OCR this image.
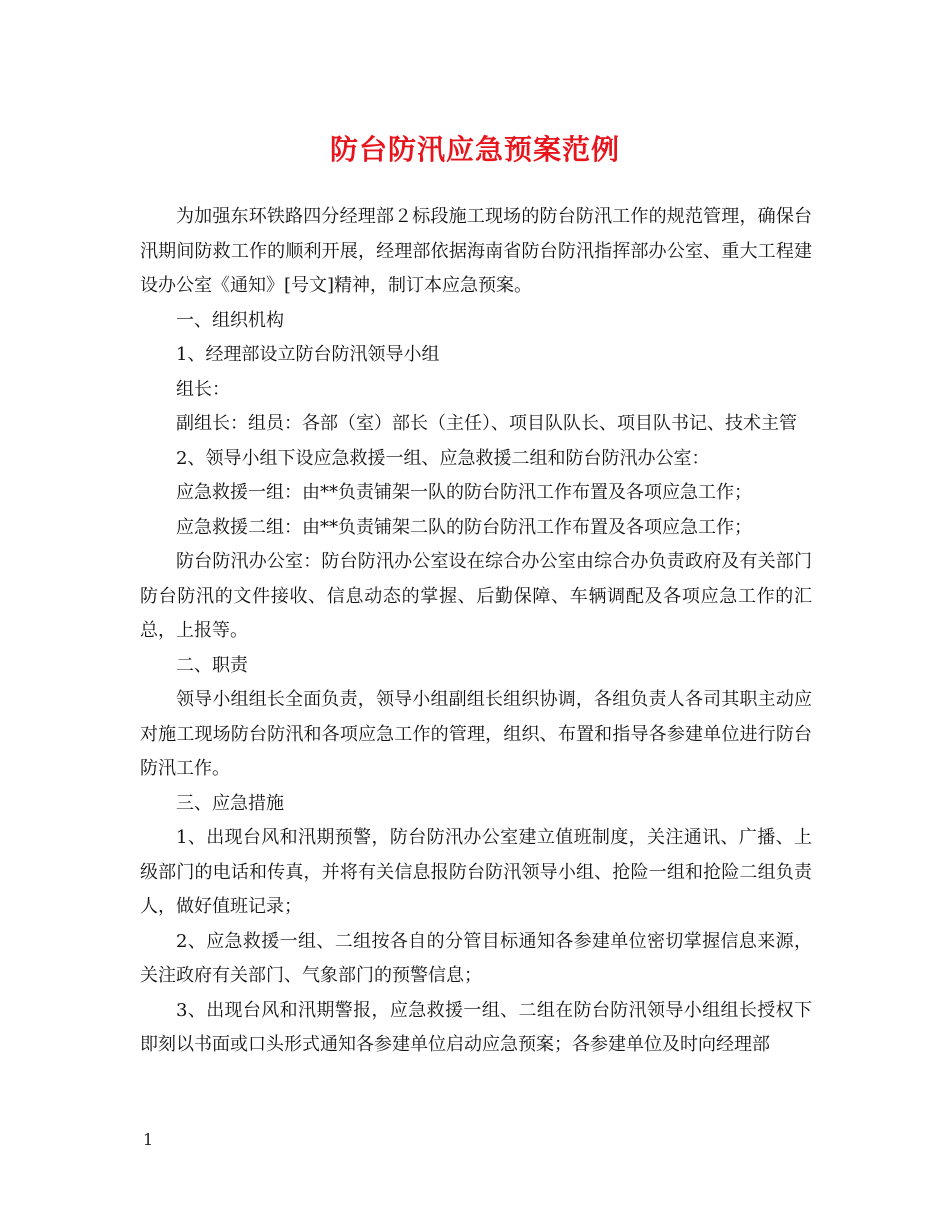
防台防汛应急预案范例

为加强东环铁路四分经理部２标段施工现场的防台防汛工作的规范管理，确保台汛期间防救工作的顺利开展，经理部依据海南省防台防汛指挥部办公室、重大工程建设办公室《通知》[号文]精神，制订本应急预案。

一、组织机构

1、经理部设立防台防汛领导小组

组长：

副组长：组员：各部（室）部长（主任）、项目队队长、项目队书记、技术主管

2、领导小组下设应急救援一组、应急救援二组和防台防汛办公室：

应急救援一组：由**负责铺架一队的防台防汛工作布置及各项应急工作；

应急救援二组：由**负责铺架二队的防台防汛工作布置及各项应急工作；

防台防汛办公室：防台防汛办公室设在综合办公室由综合办负责政府及有关部门防台防汛的文件接收、信息动态的掌握、后勤保障、车辆调配及各项应急工作的汇总，上报等。

二、职责

领导小组组长全面负责，领导小组副组长组织协调，各组负责人各司其职主动应对施工现场防台防汛和各项应急工作的管理，组织、布置和指导各参建单位进行防台防汛工作。

三、应急措施

1、出现台风和汛期预警，防台防汛办公室建立值班制度，关注通讯、广播、上级部门的电话和传真，并将有关信息报防台防汛领导小组、抢险一组和抢险二组负责人，做好值班记录；

2、应急救援一组、二组按各自的分管目标通知各参建单位密切掌握信息来源，关注政府有关部门、气象部门的预警信息；

3、出现台风和汛期警报，应急救援一组、二组在防台防汛领导小组组长授权下即刻以书面或口头形式通知各参建单位启动应急预案；各参建单位及时向经理部

1
